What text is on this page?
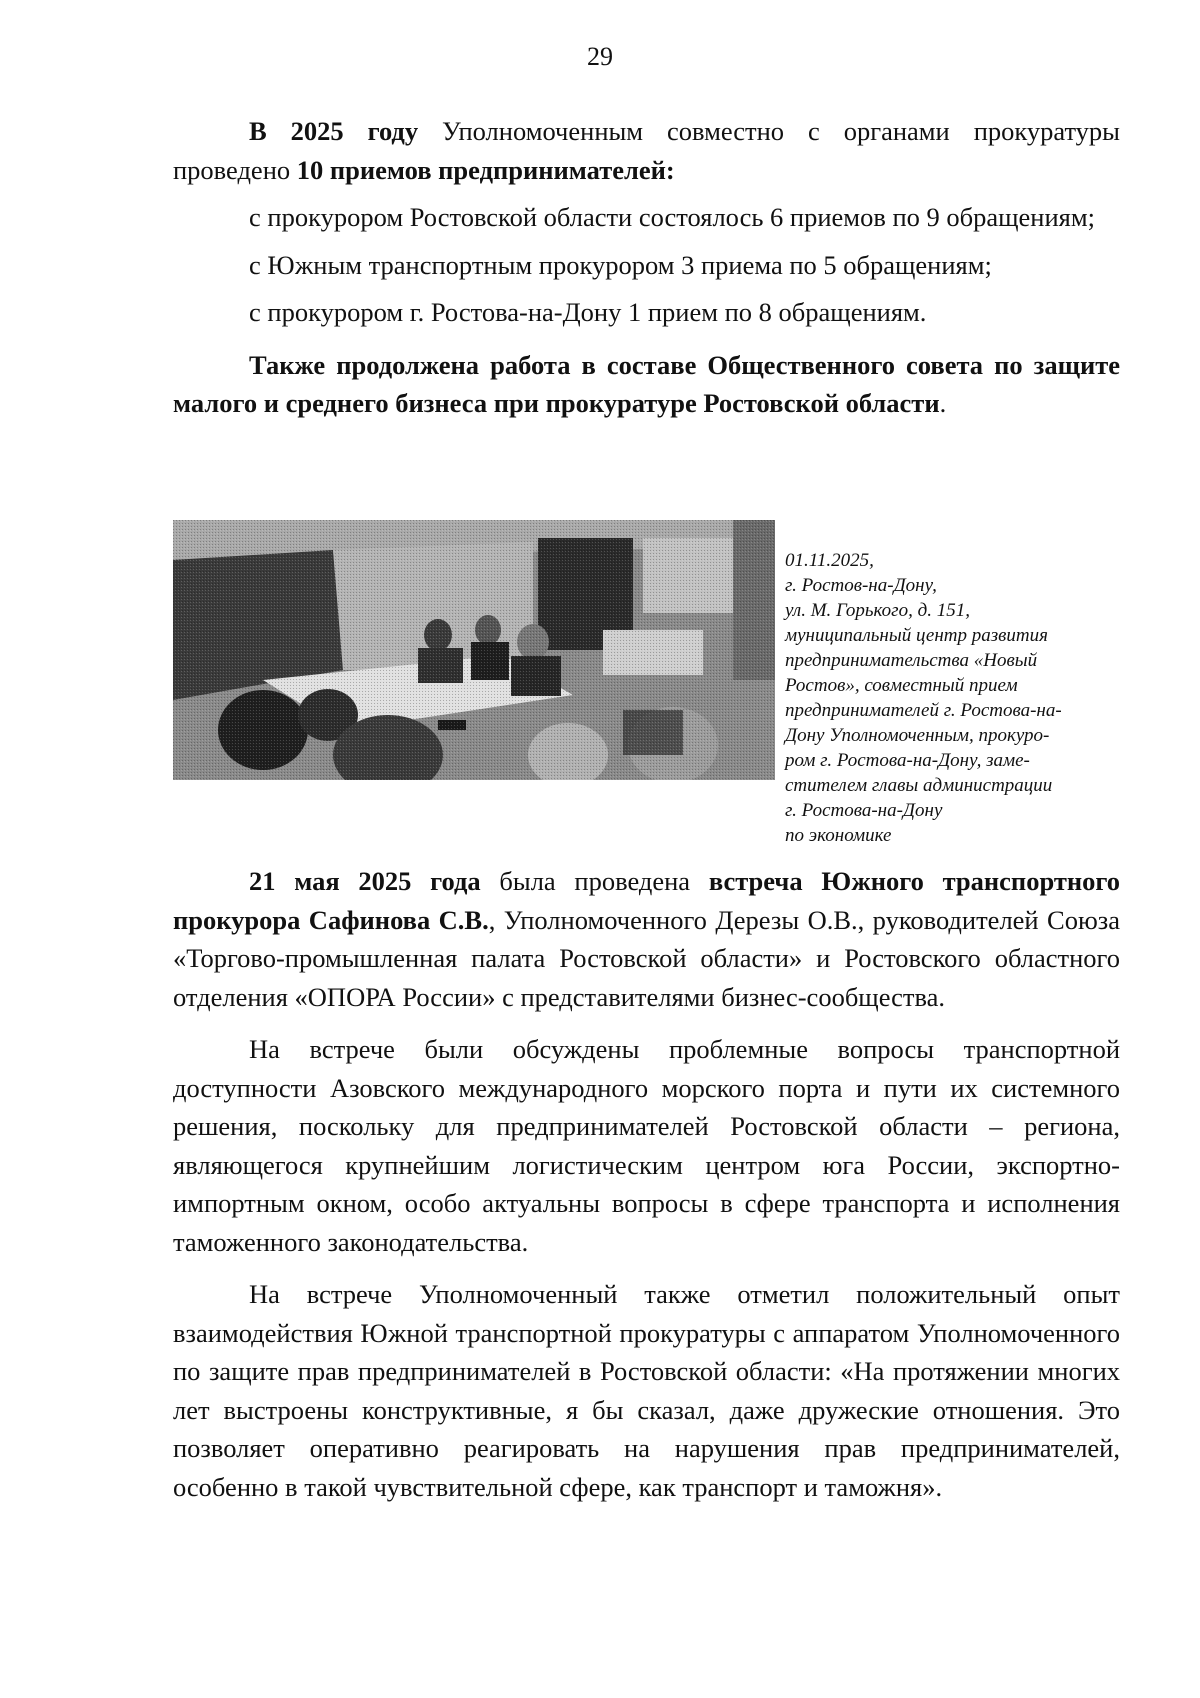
29

В 2025 году Уполномоченным совместно с органами прокуратуры проведено 10 приемов предпринимателей:

с прокурором Ростовской области состоялось 6 приемов по 9 обращениям;

с Южным транспортным прокурором 3 приема по 5 обращениям;

с прокурором г. Ростова-на-Дону 1 прием по 8 обращениям.

Также продолжена работа в составе Общественного совета по защите малого и среднего бизнеса при прокуратуре Ростовской области.

01.11.2025,
г. Ростов-на-Дону,
ул. М. Горького, д. 151,
муниципальный центр развития
предпринимательства «Новый
Ростов», совместный прием
предпринимателей г. Ростова-на-
Дону Уполномоченным, прокуро-
ром г. Ростова-на-Дону, заме-
стителем главы администрации
г. Ростова-на-Дону
по экономике

21 мая 2025 года была проведена встреча Южного транспортного прокурора Сафинова С.В., Уполномоченного Дерезы О.В., руководителей Союза «Торгово-промышленная палата Ростовской области» и Ростовского областного отделения «ОПОРА России» с представителями бизнес-сообщества.

На встрече были обсуждены проблемные вопросы транспортной доступности Азовского международного морского порта и пути их системного решения, поскольку для предпринимателей Ростовской области – региона, являющегося крупнейшим логистическим центром юга России, экспортно-импортным окном, особо актуальны вопросы в сфере транспорта и исполнения таможенного законодательства.

На встрече Уполномоченный также отметил положительный опыт взаимодействия Южной транспортной прокуратуры с аппаратом Уполномоченного по защите прав предпринимателей в Ростовской области: «На протяжении многих лет выстроены конструктивные, я бы сказал, даже дружеские отношения. Это позволяет оперативно реагировать на нарушения прав предпринимателей, особенно в такой чувствительной сфере, как транспорт и таможня».
